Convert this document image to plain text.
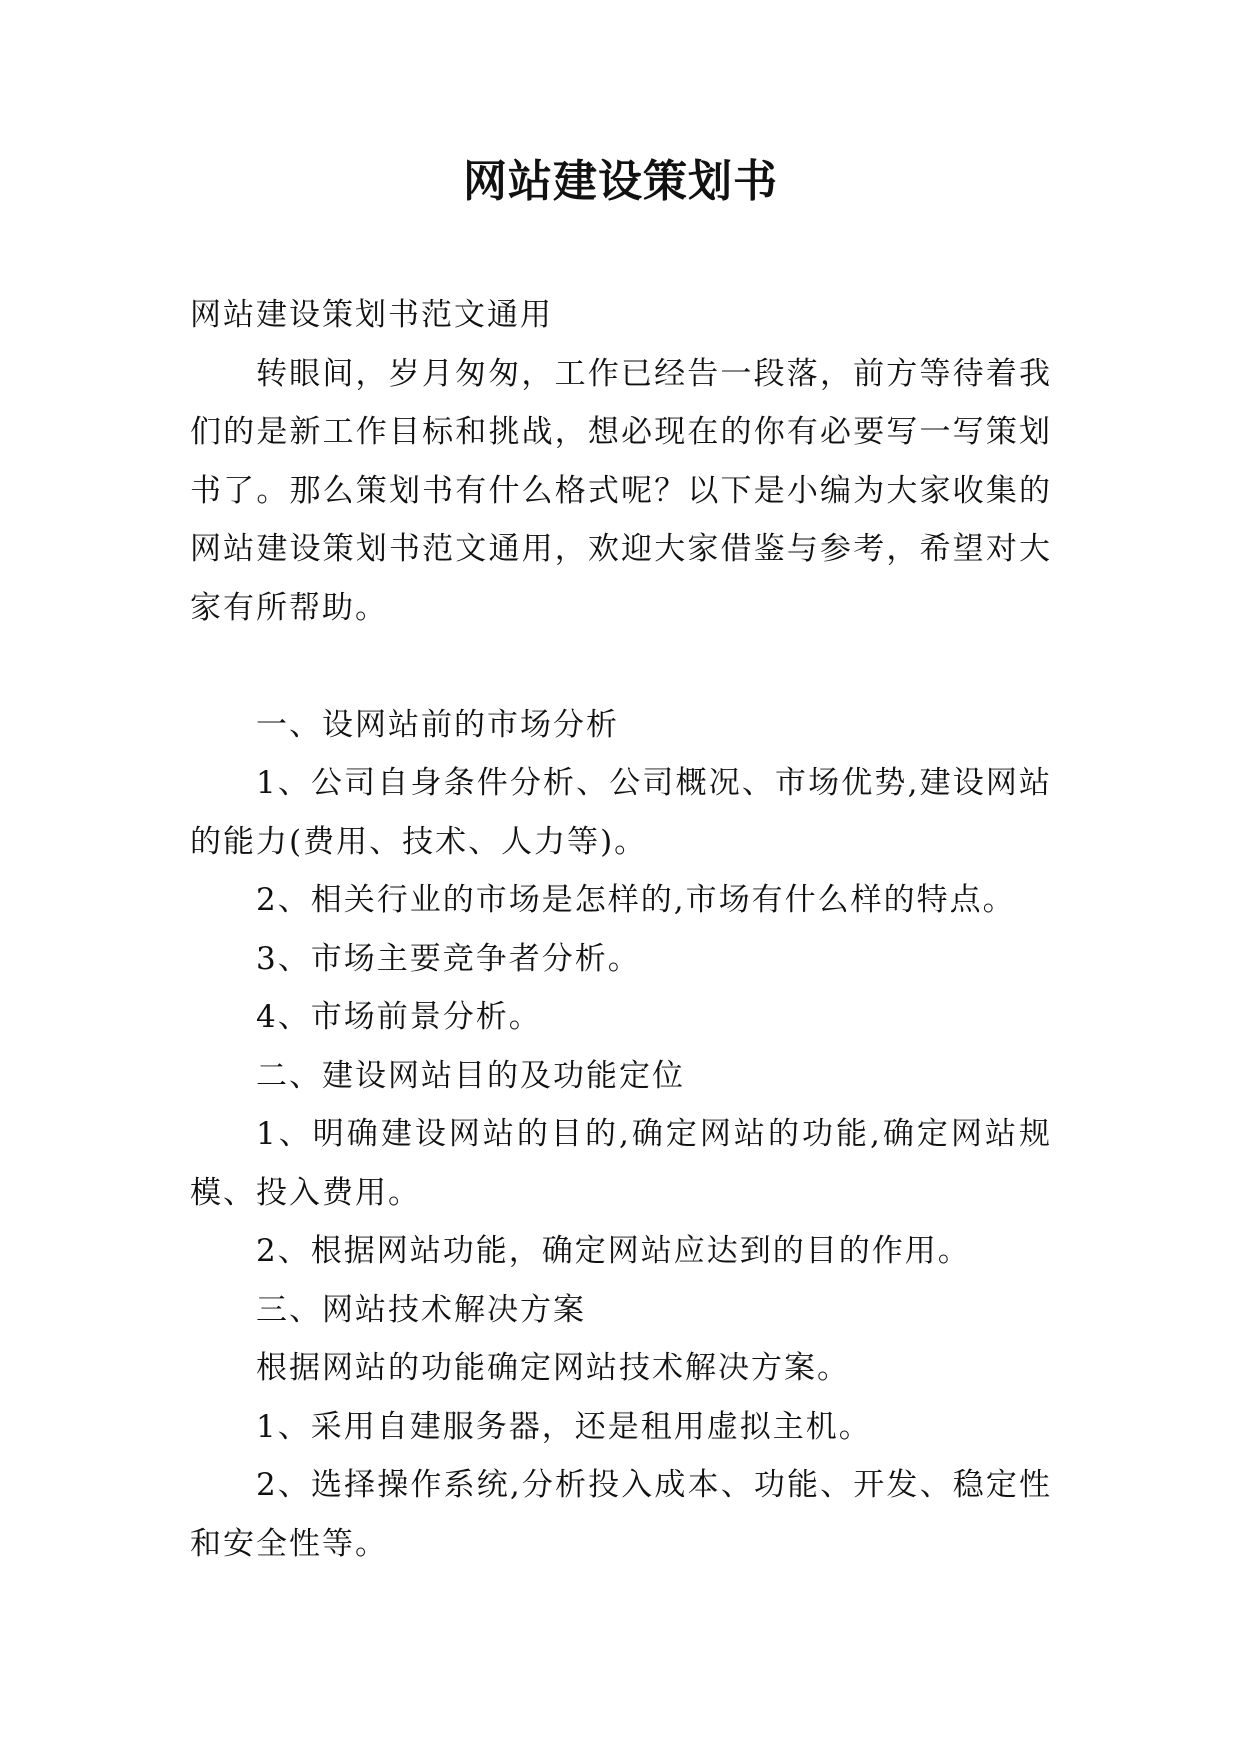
网站建设策划书

网站建设策划书范文通用

转眼间，岁月匆匆，工作已经告一段落，前方等待着我们的是新工作目标和挑战，想必现在的你有必要写一写策划书了。那么策划书有什么格式呢？以下是小编为大家收集的网站建设策划书范文通用，欢迎大家借鉴与参考，希望对大家有所帮助。

一、设网站前的市场分析

1、公司自身条件分析、公司概况、市场优势,建设网站的能力(费用、技术、人力等)。

2、相关行业的市场是怎样的,市场有什么样的特点。

3、市场主要竞争者分析。

4、市场前景分析。

二、建设网站目的及功能定位

1、明确建设网站的目的,确定网站的功能,确定网站规模、投入费用。

2、根据网站功能，确定网站应达到的目的作用。

三、网站技术解决方案

根据网站的功能确定网站技术解决方案。

1、采用自建服务器，还是租用虚拟主机。

2、选择操作系统,分析投入成本、功能、开发、稳定性和安全性等。
